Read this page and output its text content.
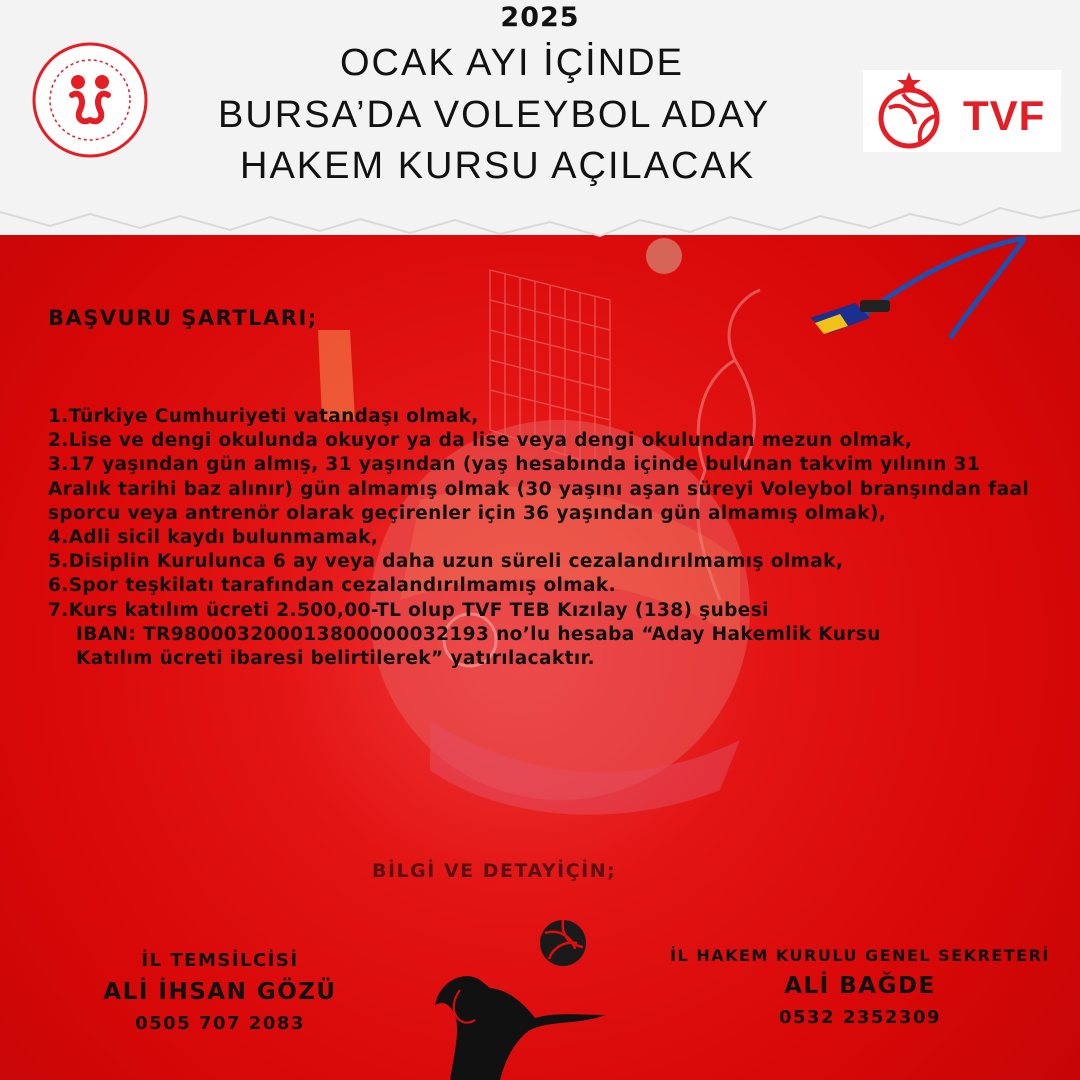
2025
OCAK AYI İÇİNDE
BURSA’DA VOLEYBOL ADAY
HAKEM KURSU AÇILACAK
TVF
BAŞVURU ŞARTLARI;

1.Türkiye Cumhuriyeti vatandaşı olmak,

2.Lise ve dengi okulunda okuyor ya da lise veya dengi okulundan mezun olmak,

3.17 yaşından gün almış, 31 yaşından (yaş hesabında içinde bulunan takvim yılının 31 Aralık tarihi baz alınır) gün almamış olmak (30 yaşını aşan süreyi Voleybol branşından faal sporcu veya antrenör olarak geçirenler için 36 yaşından gün almamış olmak),

4.Adli sicil kaydı bulunmamak,

5.Disiplin Kurulunca 6 ay veya daha uzun süreli cezalandırılmamış olmak,

6.Spor teşkilatı tarafından cezalandırılmamış olmak.

7.Kurs katılım ücreti 2.500,00-TL olup TVF TEB Kızılay (138) şubesi

IBAN: TR980003200013800000032193 no’lu hesaba “Aday Hakemlik Kursu

Katılım ücreti ibaresi belirtilerek” yatırılacaktır.

BİLGİ VE DETAYİÇİN;
İL TEMSİLCİSİ
ALİ İHSAN GÖZÜ
0505 707 2083
İL HAKEM KURULU GENEL SEKRETERİ
ALİ BAĞDE
0532 2352309
